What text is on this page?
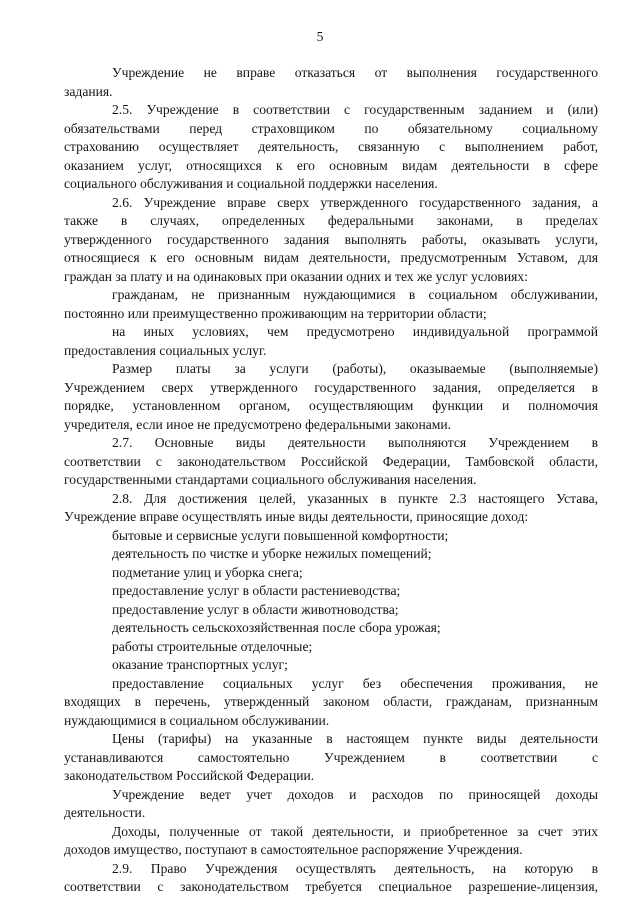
5
Учреждение не вправе отказаться от выполнения государственного
задания.
2.5. Учреждение в соответствии с государственным заданием и (или)
обязательствами перед страховщиком по обязательному социальному
страхованию осуществляет деятельность, связанную с выполнением работ,
оказанием услуг, относящихся к его основным видам деятельности в сфере
социального обслуживания и социальной поддержки населения.
2.6. Учреждение вправе сверх утвержденного государственного задания, а
также в случаях, определенных федеральными законами, в пределах
утвержденного государственного задания выполнять работы, оказывать услуги,
относящиеся к его основным видам деятельности, предусмотренным Уставом, для
граждан за плату и на одинаковых при оказании одних и тех же услуг условиях:
гражданам, не признанным нуждающимися в социальном обслуживании,
постоянно или преимущественно проживающим на территории области;
на иных условиях, чем предусмотрено индивидуальной программой
предоставления социальных услуг.
Размер платы за услуги (работы), оказываемые (выполняемые)
Учреждением сверх утвержденного государственного задания, определяется в
порядке, установленном органом, осуществляющим функции и полномочия
учредителя, если иное не предусмотрено федеральными законами.
2.7. Основные виды деятельности выполняются Учреждением в
соответствии с законодательством Российской Федерации, Тамбовской области,
государственными стандартами социального обслуживания населения.
2.8. Для достижения целей, указанных в пункте 2.3 настоящего Устава,
Учреждение вправе осуществлять иные виды деятельности, приносящие доход:
бытовые и сервисные услуги повышенной комфортности;
деятельность по чистке и уборке нежилых помещений;
подметание улиц и уборка снега;
предоставление услуг в области растениеводства;
предоставление услуг в области животноводства;
деятельность сельскохозяйственная после сбора урожая;
работы строительные отделочные;
оказание транспортных услуг;
предоставление социальных услуг без обеспечения проживания, не
входящих в перечень, утвержденный законом области, гражданам, признанным
нуждающимися в социальном обслуживании.
Цены (тарифы) на указанные в настоящем пункте виды деятельности
устанавливаются самостоятельно Учреждением в соответствии с
законодательством Российской Федерации.
Учреждение ведет учет доходов и расходов по приносящей доходы
деятельности.
Доходы, полученные от такой деятельности, и приобретенное за счет этих
доходов имущество, поступают в самостоятельное распоряжение Учреждения.
2.9. Право Учреждения осуществлять деятельность, на которую в
соответствии с законодательством требуется специальное разрешение-лицензия,
